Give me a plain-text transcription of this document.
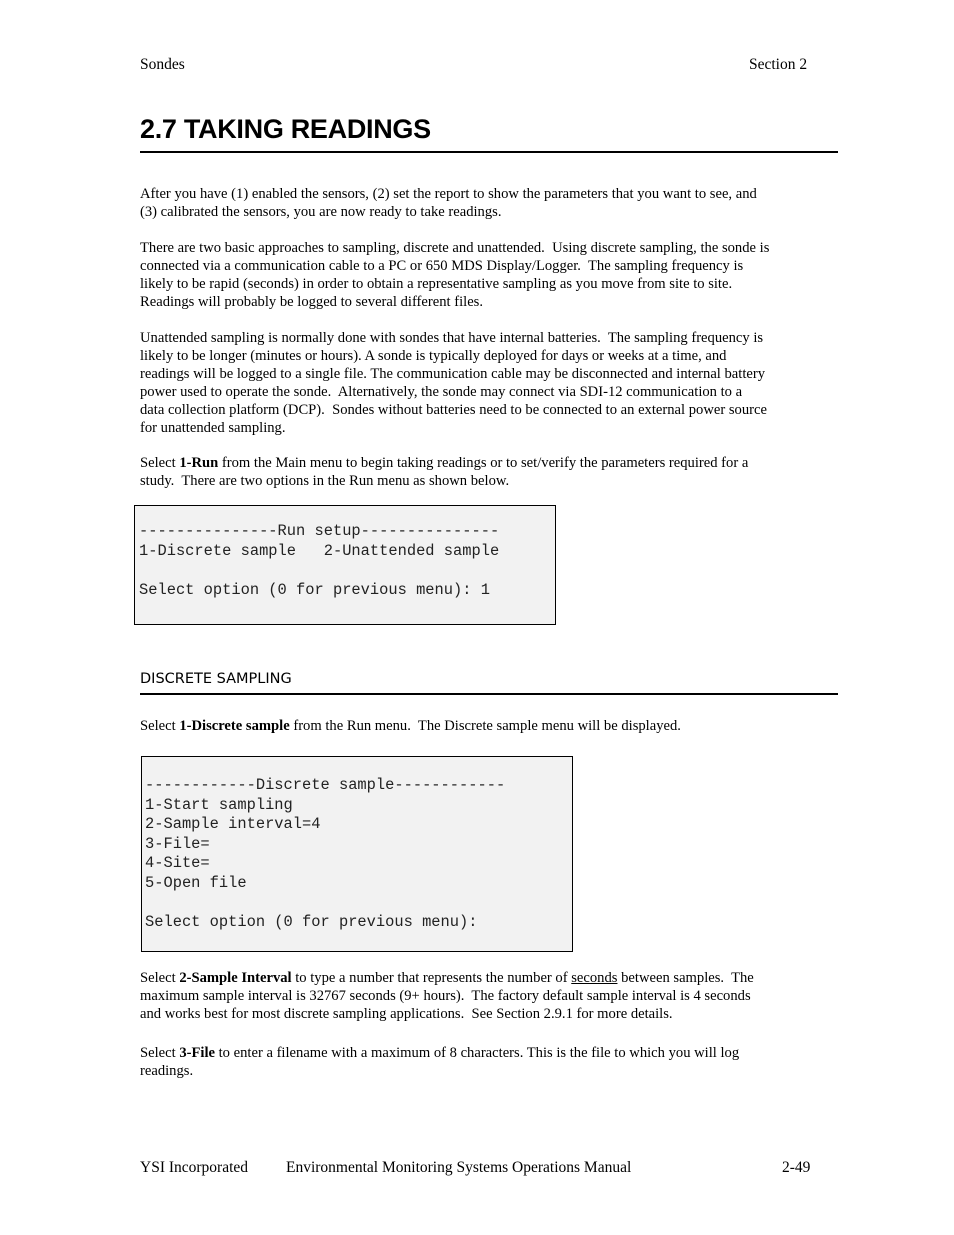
Sondes	Section 2
2.7 TAKING READINGS
After you have (1) enabled the sensors, (2) set the report to show the parameters that you want to see, and
(3) calibrated the sensors, you are now ready to take readings.
There are two basic approaches to sampling, discrete and unattended.  Using discrete sampling, the sonde is
connected via a communication cable to a PC or 650 MDS Display/Logger.  The sampling frequency is
likely to be rapid (seconds) in order to obtain a representative sampling as you move from site to site.
Readings will probably be logged to several different files.
Unattended sampling is normally done with sondes that have internal batteries.  The sampling frequency is
likely to be longer (minutes or hours). A sonde is typically deployed for days or weeks at a time, and
readings will be logged to a single file. The communication cable may be disconnected and internal battery
power used to operate the sonde.  Alternatively, the sonde may connect via SDI-12 communication to a
data collection platform (DCP).  Sondes without batteries need to be connected to an external power source
for unattended sampling.
Select 1-Run from the Main menu to begin taking readings or to set/verify the parameters required for a
study.  There are two options in the Run menu as shown below.
---------------Run setup---------------
1-Discrete sample   2-Unattended sample
Select option (0 for previous menu): 1
DISCRETE SAMPLING
Select 1-Discrete sample from the Run menu.  The Discrete sample menu will be displayed.
------------Discrete sample------------
1-Start sampling
2-Sample interval=4
3-File=
4-Site=
5-Open file
Select option (0 for previous menu):
Select 2-Sample Interval to type a number that represents the number of seconds between samples.  The
maximum sample interval is 32767 seconds (9+ hours).  The factory default sample interval is 4 seconds
and works best for most discrete sampling applications.  See Section 2.9.1 for more details.
Select 3-File to enter a filename with a maximum of 8 characters. This is the file to which you will log
readings.
YSI Incorporated Environmental Monitoring Systems Operations Manual	2-49
